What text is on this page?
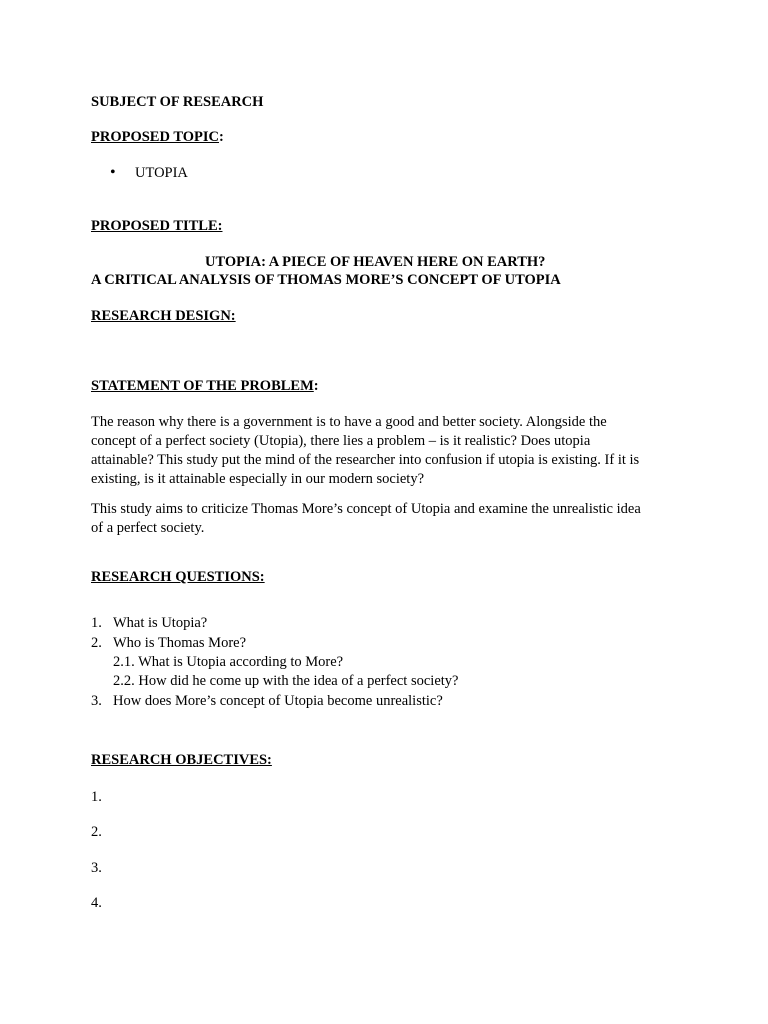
SUBJECT OF RESEARCH

PROPOSED TOPIC:

• UTOPIA

PROPOSED TITLE:

UTOPIA: A PIECE OF HEAVEN HERE ON EARTH?

A CRITICAL ANALYSIS OF THOMAS MORE’S CONCEPT OF UTOPIA

RESEARCH DESIGN:

STATEMENT OF THE PROBLEM:

The reason why there is a government is to have a good and better society. Alongside the
concept of a perfect society (Utopia), there lies a problem – is it realistic? Does utopia
attainable? This study put the mind of the researcher into confusion if utopia is existing. If it is
existing, is it attainable especially in our modern society?
This study aims to criticize Thomas More’s concept of Utopia and examine the unrealistic idea
of a perfect society.

RESEARCH QUESTIONS:

1. What is Utopia?
2. Who is Thomas More?
2.1. What is Utopia according to More?
2.2. How did he come up with the idea of a perfect society?
3. How does More’s concept of Utopia become unrealistic?

RESEARCH OBJECTIVES:

1.
2.
3.
4.
